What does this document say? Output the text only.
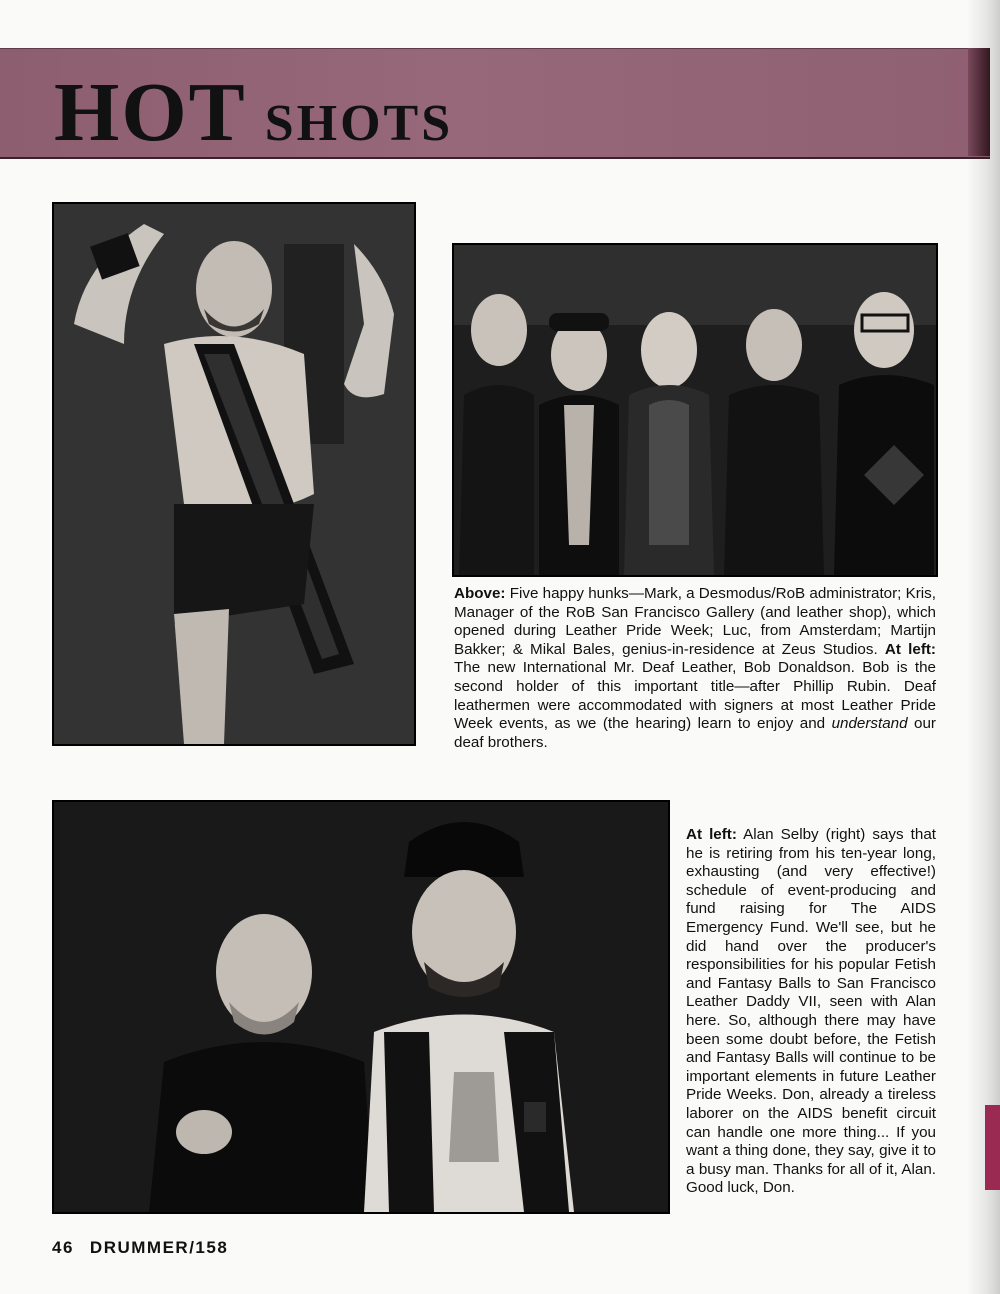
HOT SHOTS
Above: Five happy hunks—Mark, a Desmodus/RoB administrator; Kris, Manager of the RoB San Francisco Gallery (and leather shop), which opened during Leather Pride Week; Luc, from Amsterdam; Martijn Bakker; & Mikal Bales, genius-in-residence at Zeus Studios. At left: The new International Mr. Deaf Leather, Bob Donaldson. Bob is the second holder of this important title—after Phillip Rubin. Deaf leathermen were accommodated with signers at most Leather Pride Week events, as we (the hearing) learn to enjoy and understand our deaf brothers.
At left: Alan Selby (right) says that he is retiring from his ten-year long, exhausting (and very effective!) schedule of event-producing and fund raising for The AIDS Emergency Fund. We'll see, but he did hand over the producer's responsibilities for his popular Fetish and Fantasy Balls to San Francisco Leather Daddy VII, seen with Alan here. So, although there may have been some doubt before, the Fetish and Fantasy Balls will continue to be important elements in future Leather Pride Weeks. Don, already a tireless laborer on the AIDS benefit circuit can handle one more thing... If you want a thing done, they say, give it to a busy man. Thanks for all of it, Alan. Good luck, Don.

46 DRUMMER/158
